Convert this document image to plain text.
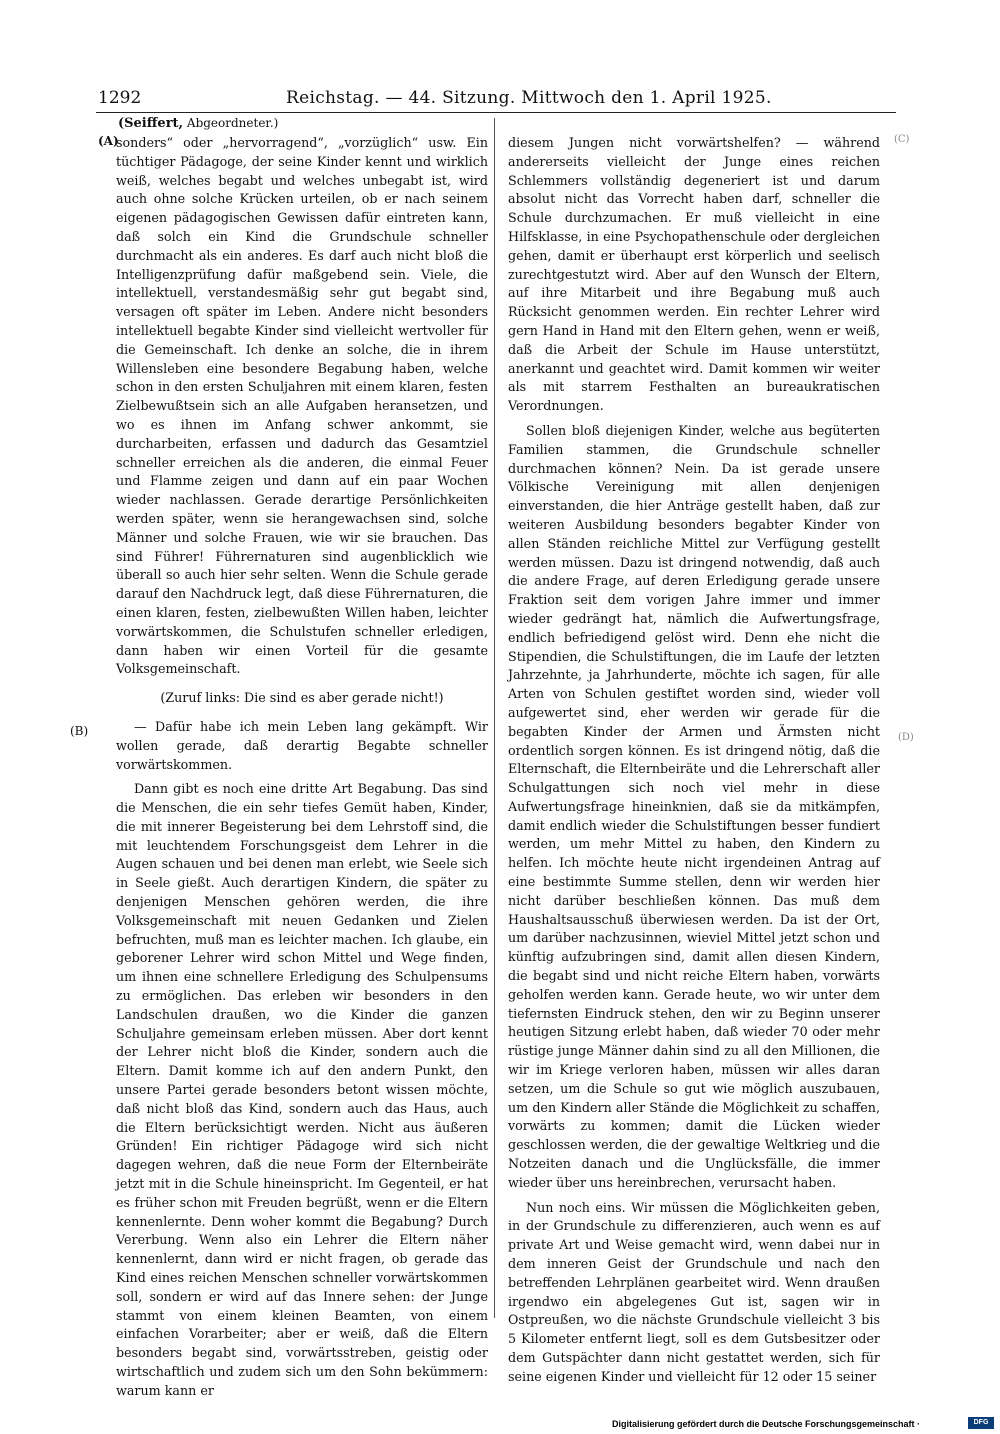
1292	Reichstag. — 44. Sitzung. Mittwoch den 1. April 1925.
(Seiffert, Abgeordneter.)
(A)
(B)
(C)
(D)

sonders“ oder „hervorragend“, „vorzüglich“ usw. Ein tüchtiger Pädagoge, der seine Kinder kennt und wirklich weiß, welches begabt und welches unbegabt ist, wird auch ohne solche Krücken urteilen, ob er nach seinem eigenen pädagogischen Gewissen dafür eintreten kann, daß solch ein Kind die Grundschule schneller durchmacht als ein anderes. Es darf auch nicht bloß die Intelligenzprüfung dafür maßgebend sein. Viele, die intellektuell, verstandesmäßig sehr gut begabt sind, versagen oft später im Leben. Andere nicht besonders intellektuell begabte Kinder sind vielleicht wertvoller für die Gemeinschaft. Ich denke an solche, die in ihrem Willensleben eine besondere Begabung haben, welche schon in den ersten Schuljahren mit einem klaren, festen Zielbewußtsein sich an alle Aufgaben heransetzen, und wo es ihnen im Anfang schwer ankommt, sie durcharbeiten, erfassen und dadurch das Gesamtziel schneller erreichen als die anderen, die einmal Feuer und Flamme zeigen und dann auf ein paar Wochen wieder nachlassen. Gerade derartige Persönlichkeiten werden später, wenn sie herangewachsen sind, solche Männer und solche Frauen, wie wir sie brauchen. Das sind Führer! Führernaturen sind augenblicklich wie überall so auch hier sehr selten. Wenn die Schule gerade darauf den Nachdruck legt, daß diese Führernaturen, die einen klaren, festen, zielbewußten Willen haben, leichter vorwärtskommen, die Schulstufen schneller erledigen, dann haben wir einen Vorteil für die gesamte Volksgemeinschaft.

(Zuruf links: Die sind es aber gerade nicht!)

— Dafür habe ich mein Leben lang gekämpft. Wir wollen gerade, daß derartig Begabte schneller vorwärtskommen.

Dann gibt es noch eine dritte Art Begabung. Das sind die Menschen, die ein sehr tiefes Gemüt haben, Kinder, die mit innerer Begeisterung bei dem Lehrstoff sind, die mit leuchtendem Forschungsgeist dem Lehrer in die Augen schauen und bei denen man erlebt, wie Seele sich in Seele gießt. Auch derartigen Kindern, die später zu denjenigen Menschen gehören werden, die ihre Volksgemeinschaft mit neuen Gedanken und Zielen befruchten, muß man es leichter machen. Ich glaube, ein geborener Lehrer wird schon Mittel und Wege finden, um ihnen eine schnellere Erledigung des Schulpensums zu ermöglichen. Das erleben wir besonders in den Landschulen draußen, wo die Kinder die ganzen Schuljahre gemeinsam erleben müssen. Aber dort kennt der Lehrer nicht bloß die Kinder, sondern auch die Eltern. Damit komme ich auf den andern Punkt, den unsere Partei gerade besonders betont wissen möchte, daß nicht bloß das Kind, sondern auch das Haus, auch die Eltern berücksichtigt werden. Nicht aus äußeren Gründen! Ein richtiger Pädagoge wird sich nicht dagegen wehren, daß die neue Form der Elternbeiräte jetzt mit in die Schule hineinspricht. Im Gegenteil, er hat es früher schon mit Freuden begrüßt, wenn er die Eltern kennenlernte. Denn woher kommt die Begabung? Durch Vererbung. Wenn also ein Lehrer die Eltern näher kennenlernt, dann wird er nicht fragen, ob gerade das Kind eines reichen Menschen schneller vorwärtskommen soll, sondern er wird auf das Innere sehen: der Junge stammt von einem kleinen Beamten, von einem einfachen Vorarbeiter; aber er weiß, daß die Eltern besonders begabt sind, vorwärtsstreben, geistig oder wirtschaftlich und zudem sich um den Sohn bekümmern: warum kann er

diesem Jungen nicht vorwärtshelfen? — während andererseits vielleicht der Junge eines reichen Schlemmers vollständig degeneriert ist und darum absolut nicht das Vorrecht haben darf, schneller die Schule durchzumachen. Er muß vielleicht in eine Hilfsklasse, in eine Psychopathenschule oder dergleichen gehen, damit er überhaupt erst körperlich und seelisch zurechtgestutzt wird. Aber auf den Wunsch der Eltern, auf ihre Mitarbeit und ihre Begabung muß auch Rücksicht genommen werden. Ein rechter Lehrer wird gern Hand in Hand mit den Eltern gehen, wenn er weiß, daß die Arbeit der Schule im Hause unterstützt, anerkannt und geachtet wird. Damit kommen wir weiter als mit starrem Festhalten an bureaukratischen Verordnungen.

Sollen bloß diejenigen Kinder, welche aus begüterten Familien stammen, die Grundschule schneller durchmachen können? Nein. Da ist gerade unsere Völkische Vereinigung mit allen denjenigen einverstanden, die hier Anträge gestellt haben, daß zur weiteren Ausbildung besonders begabter Kinder von allen Ständen reichliche Mittel zur Verfügung gestellt werden müssen. Dazu ist dringend notwendig, daß auch die andere Frage, auf deren Erledigung gerade unsere Fraktion seit dem vorigen Jahre immer und immer wieder gedrängt hat, nämlich die Aufwertungsfrage, endlich befriedigend gelöst wird. Denn ehe nicht die Stipendien, die Schulstiftungen, die im Laufe der letzten Jahrzehnte, ja Jahrhunderte, möchte ich sagen, für alle Arten von Schulen gestiftet worden sind, wieder voll aufgewertet sind, eher werden wir gerade für die begabten Kinder der Armen und Ärmsten nicht ordentlich sorgen können. Es ist dringend nötig, daß die Elternschaft, die Elternbeiräte und die Lehrerschaft aller Schulgattungen sich noch viel mehr in diese Aufwertungsfrage hineinknien, daß sie da mitkämpfen, damit endlich wieder die Schulstiftungen besser fundiert werden, um mehr Mittel zu haben, den Kindern zu helfen. Ich möchte heute nicht irgendeinen Antrag auf eine bestimmte Summe stellen, denn wir werden hier nicht darüber beschließen können. Das muß dem Haushaltsausschuß überwiesen werden. Da ist der Ort, um darüber nachzusinnen, wieviel Mittel jetzt schon und künftig aufzubringen sind, damit allen diesen Kindern, die begabt sind und nicht reiche Eltern haben, vorwärts geholfen werden kann. Gerade heute, wo wir unter dem tiefernsten Eindruck stehen, den wir zu Beginn unserer heutigen Sitzung erlebt haben, daß wieder 70 oder mehr rüstige junge Männer dahin sind zu all den Millionen, die wir im Kriege verloren haben, müssen wir alles daran setzen, um die Schule so gut wie möglich auszubauen, um den Kindern aller Stände die Möglichkeit zu schaffen, vorwärts zu kommen; damit die Lücken wieder geschlossen werden, die der gewaltige Weltkrieg und die Notzeiten danach und die Unglücksfälle, die immer wieder über uns hereinbrechen, verursacht haben.

Nun noch eins. Wir müssen die Möglichkeiten geben, in der Grundschule zu differenzieren, auch wenn es auf private Art und Weise gemacht wird, wenn dabei nur in dem inneren Geist der Grundschule und nach den betreffenden Lehrplänen gearbeitet wird. Wenn draußen irgendwo ein abgelegenes Gut ist, sagen wir in Ostpreußen, wo die nächste Grundschule vielleicht 3 bis 5 Kilometer entfernt liegt, soll es dem Gutsbesitzer oder dem Gutspächter dann nicht gestattet werden, sich für seine eigenen Kinder und vielleicht für 12 oder 15 seiner

Digitalisierung gefördert durch die Deutsche Forschungsgemeinschaft ·	DFG
